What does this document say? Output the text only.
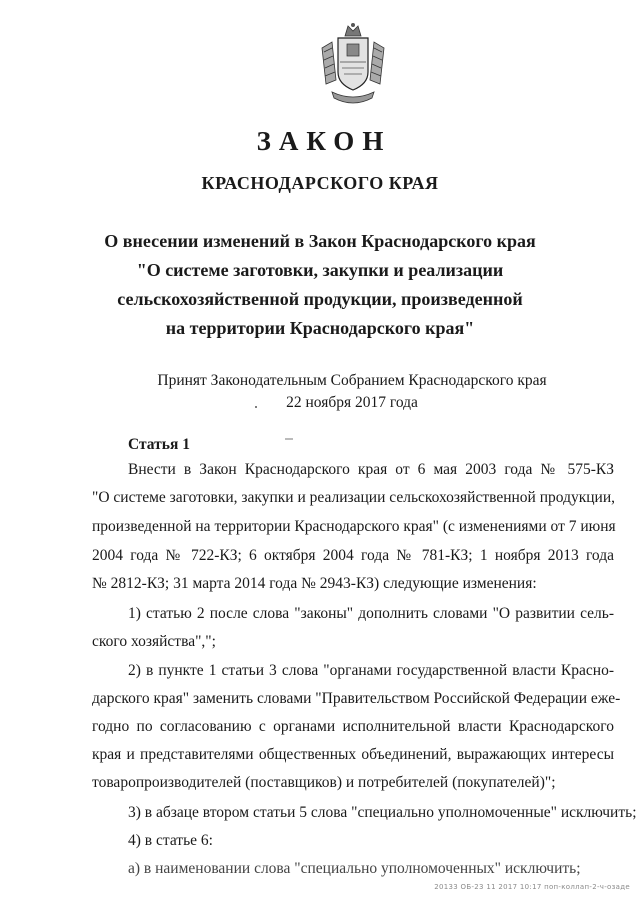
ЗАКОН
КРАСНОДАРСКОГО КРАЯ
О внесении изменений в Закон Краснодарского края
"О системе заготовки, закупки и реализации
сельскохозяйственной продукции, произведенной
на территории Краснодарского края"
Принят Законодательным Собранием Краснодарского края
22 ноября 2017 года
Статья 1
Внести в Закон Краснодарского края от 6 мая 2003 года № 575-КЗ
"О системе заготовки, закупки и реализации сельскохозяйственной продукции,
произведенной на территории Краснодарского края" (с изменениями от 7 июня
2004 года № 722-КЗ; 6 октября 2004 года № 781-КЗ; 1 ноября 2013 года
№ 2812-КЗ; 31 марта 2014 года № 2943-КЗ) следующие изменения:
1) статью 2 после слова "законы" дополнить словами "О развитии сель-
ского хозяйства",";
2) в пункте 1 статьи 3 слова "органами государственной власти Красно-
дарского края" заменить словами "Правительством Российской Федерации еже-
годно по согласованию с органами исполнительной власти Краснодарского
края и представителями общественных объединений, выражающих интересы
товаропроизводителей (поставщиков) и потребителей (покупателей)";
3) в абзаце втором статьи 5 слова "специально уполномоченные" исключить;
4) в статье 6:
а) в наименовании слова "специально уполномоченных" исключить;
20133 ОБ-23 11 2017 10:17 поп-коллап-2-ч-озаде
